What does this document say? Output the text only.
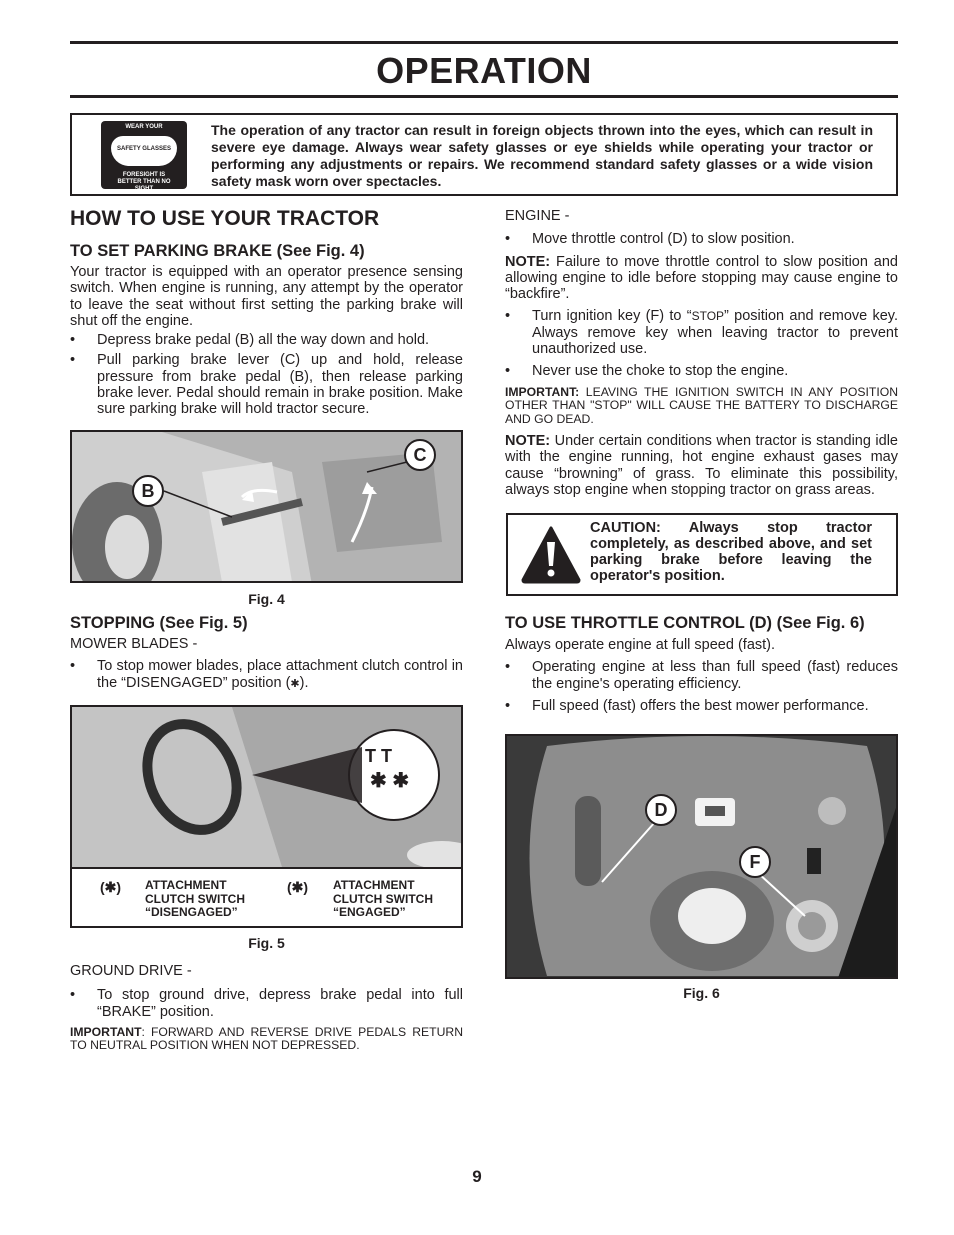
OPERATION
WEAR YOUR
SAFETY GLASSES
FORESIGHT IS BETTER THAN NO SIGHT
The operation of any tractor can result in foreign objects thrown into the eyes, which can result in severe eye damage. Always wear safety glasses or eye shields while operating your tractor or performing any adjustments or repairs. We recommend standard safety glasses or a wide vision safety mask worn over spectacles.
HOW TO USE YOUR TRACTOR
TO SET PARKING BRAKE (See Fig. 4)
Your tractor is equipped with an operator presence sensing switch. When engine is running, any attempt by the operator to leave the seat without first setting the parking brake will shut off the engine.
• Depress brake pedal (B) all the way down and hold.
• Pull parking brake lever (C) up and hold, release pressure from brake pedal (B), then release parking brake lever. Pedal should remain in brake position. Make sure parking brake will hold tractor secure.
B
C
Fig. 4
STOPPING (See Fig. 5)
MOWER BLADES -
• To stop mower blades, place attachment clutch control in the “DISENGAGED” position (✱).
T T
✱ ✱
(✱) ATTACHMENT
CLUTCH SWITCH
“DISENGAGED”
(✱) ATTACHMENT
CLUTCH SWITCH
“ENGAGED”
Fig. 5
GROUND DRIVE -
• To stop ground drive, depress brake pedal into full “BRAKE” position.
IMPORTANT: FORWARD AND REVERSE DRIVE PEDALS RETURN TO NEUTRAL POSITION WHEN NOT DEPRESSED.
ENGINE -
• Move throttle control (D) to slow position.
NOTE: Failure to move throttle control to slow position and allowing engine to idle before stopping may cause engine to “backfire”.
• Turn ignition key (F) to “STOP” position and remove key. Always remove key when leaving tractor to prevent unauthorized use.
• Never use the choke to stop the engine.
IMPORTANT: LEAVING THE IGNITION SWITCH IN ANY POSITION OTHER THAN "STOP" WILL CAUSE THE BATTERY TO DISCHARGE AND GO DEAD.
NOTE: Under certain conditions when tractor is standing idle with the engine running, hot engine exhaust gases may cause “browning” of grass. To eliminate this possibility, always stop engine when stopping tractor on grass areas.
CAUTION: Always stop tractor completely, as described above, and set parking brake before leaving the operator's position.
TO USE THROTTLE CONTROL (D) (See Fig. 6)
Always operate engine at full speed (fast).
• Operating engine at less than full speed (fast) reduces the engine's operating efficiency.
• Full speed (fast) offers the best mower performance.
D
F
Fig. 6
9
